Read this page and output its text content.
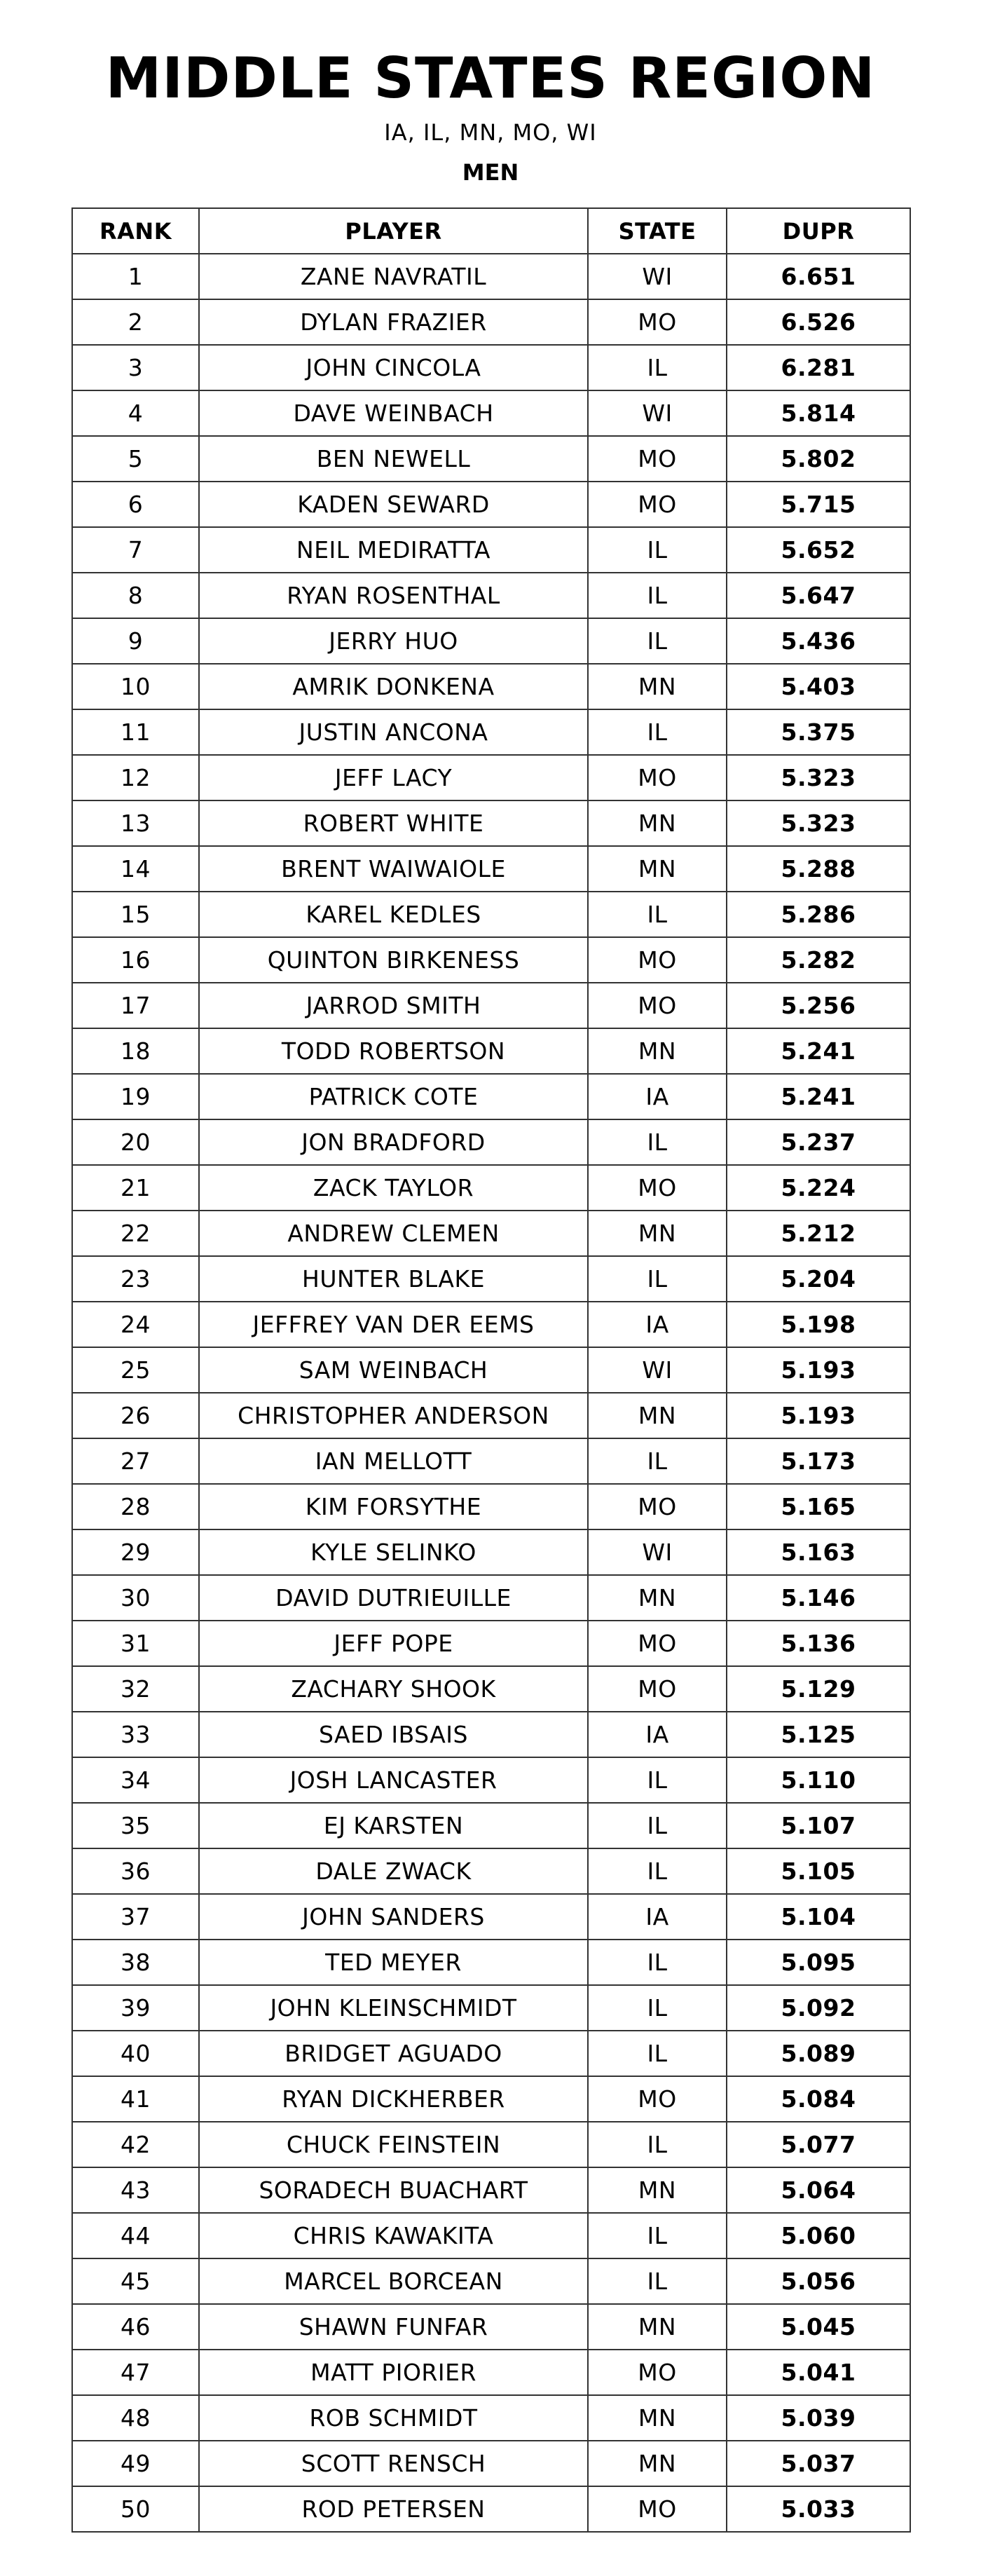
MIDDLE STATES REGION
IA, IL, MN, MO, WI
MEN
RANK	PLAYER	STATE	DUPR
1	ZANE NAVRATIL	WI	6.651
2	DYLAN FRAZIER	MO	6.526
3	JOHN CINCOLA	IL	6.281
4	DAVE WEINBACH	WI	5.814
5	BEN NEWELL	MO	5.802
6	KADEN SEWARD	MO	5.715
7	NEIL MEDIRATTA	IL	5.652
8	RYAN ROSENTHAL	IL	5.647
9	JERRY HUO	IL	5.436
10	AMRIK DONKENA	MN	5.403
11	JUSTIN ANCONA	IL	5.375
12	JEFF LACY	MO	5.323
13	ROBERT WHITE	MN	5.323
14	BRENT WAIWAIOLE	MN	5.288
15	KAREL KEDLES	IL	5.286
16	QUINTON BIRKENESS	MO	5.282
17	JARROD SMITH	MO	5.256
18	TODD ROBERTSON	MN	5.241
19	PATRICK COTE	IA	5.241
20	JON BRADFORD	IL	5.237
21	ZACK TAYLOR	MO	5.224
22	ANDREW CLEMEN	MN	5.212
23	HUNTER BLAKE	IL	5.204
24	JEFFREY VAN DER EEMS	IA	5.198
25	SAM WEINBACH	WI	5.193
26	CHRISTOPHER ANDERSON	MN	5.193
27	IAN MELLOTT	IL	5.173
28	KIM FORSYTHE	MO	5.165
29	KYLE SELINKO	WI	5.163
30	DAVID DUTRIEUILLE	MN	5.146
31	JEFF POPE	MO	5.136
32	ZACHARY SHOOK	MO	5.129
33	SAED IBSAIS	IA	5.125
34	JOSH LANCASTER	IL	5.110
35	EJ KARSTEN	IL	5.107
36	DALE ZWACK	IL	5.105
37	JOHN SANDERS	IA	5.104
38	TED MEYER	IL	5.095
39	JOHN KLEINSCHMIDT	IL	5.092
40	BRIDGET AGUADO	IL	5.089
41	RYAN DICKHERBER	MO	5.084
42	CHUCK FEINSTEIN	IL	5.077
43	SORADECH BUACHART	MN	5.064
44	CHRIS KAWAKITA	IL	5.060
45	MARCEL BORCEAN	IL	5.056
46	SHAWN FUNFAR	MN	5.045
47	MATT PIORIER	MO	5.041
48	ROB SCHMIDT	MN	5.039
49	SCOTT RENSCH	MN	5.037
50	ROD PETERSEN	MO	5.033
